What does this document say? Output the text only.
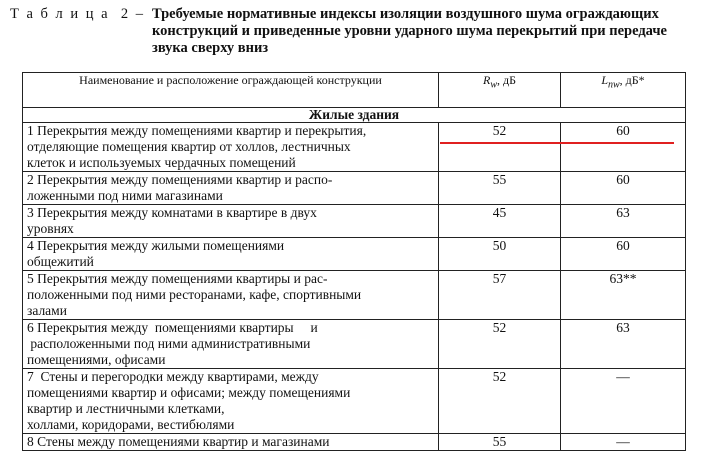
Т а б л и ц а  2 – Требуемые нормативные индексы изоляции воздушного шума ограждающих конструкций и приведенные уровни ударного шума перекрытий при передаче звука сверху вниз
Наименование и расположение ограждающей конструкции	$R_w$, дБ	$L_{nw}$, дБ*
Жилые здания		

1 Перекрытия между помещениями квартир и перекрытия,
отделяющие помещения квартир от холлов, лестничных
клеток и используемых чердачных помещений	52	60

2 Перекрытия между помещениями квартир и распо-
ложенными под ними магазинами	55	60

3 Перекрытия между комнатами в квартире в двух
уровнях	45	63

4 Перекрытия между жилыми помещениями
общежитий	50	60

5 Перекрытия между помещениями квартиры и рас-
положенными под ними ресторанами, кафе, спортивными
залами	57	63**

6 Перекрытия между  помещениями квартиры     и
расположенными под ними административными
помещениями, офисами	52	63

7  Стены и перегородки между квартирами, между
помещениями квартир и офисами; между помещениями
квартир и лестничными клетками,
холлами, коридорами, вестибюлями	52	—

8 Стены между помещениями квартир и магазинами	55	—
